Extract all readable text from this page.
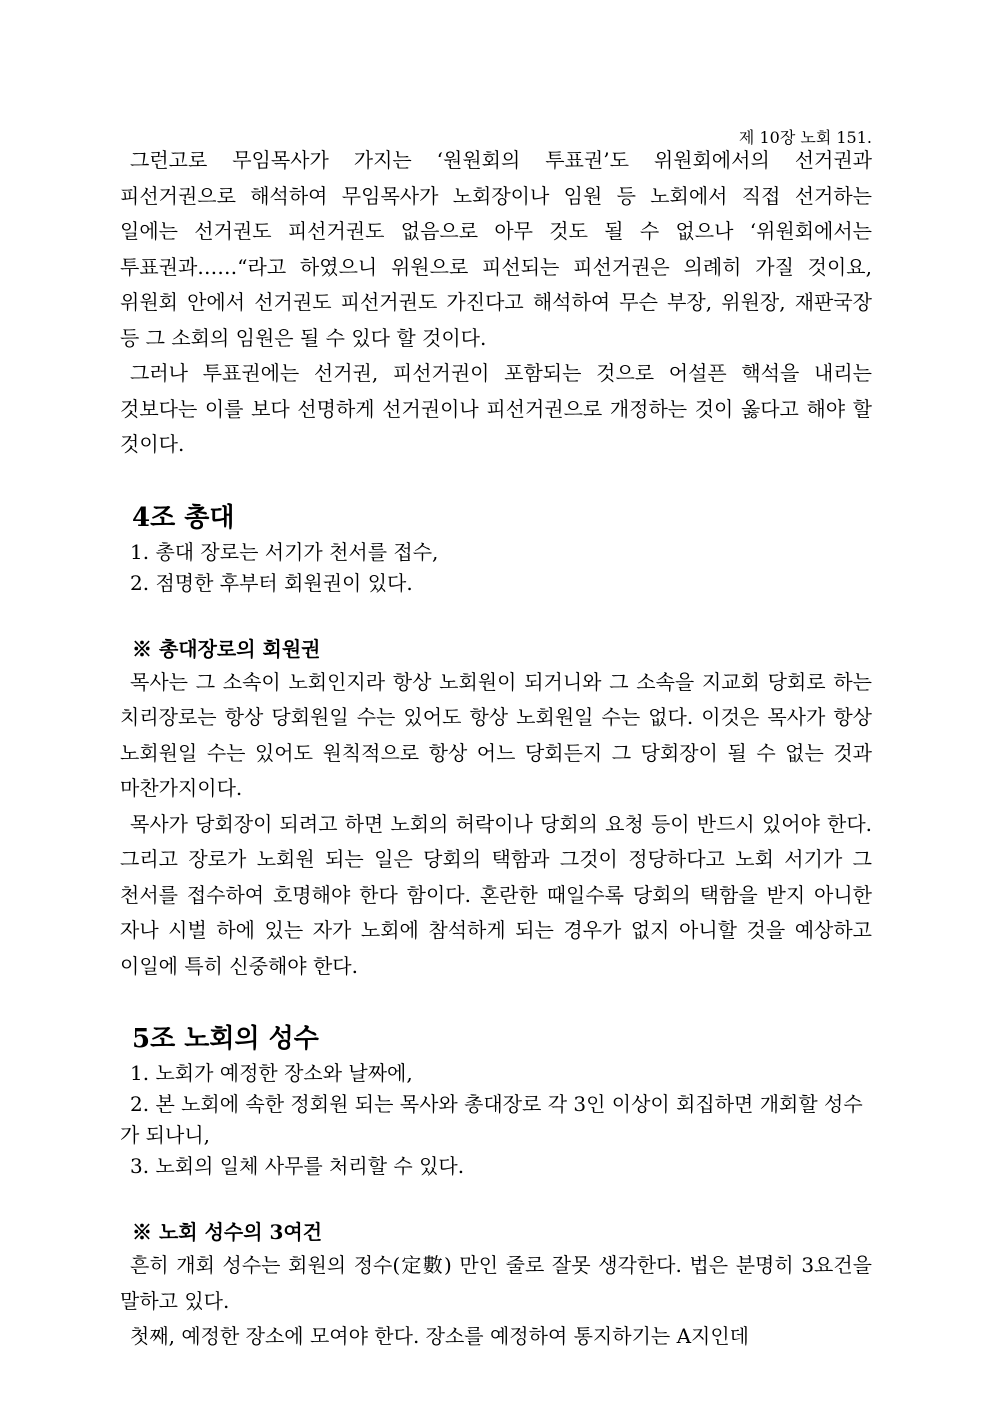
제 10장 노회 151.

그런고로 무임목사가 가지는 ‘원원회의 투표권’도 위원회에서의 선거권과 피선거권으로 해석하여 무임목사가 노회장이나 임원 등 노회에서 직접 선거하는 일에는 선거권도 피선거권도 없음으로 아무 것도 될 수 없으나 ‘위원회에서는 투표권과……“라고 하였으니 위원으로 피선되는 피선거권은 의례히 가질 것이요, 위원회 안에서 선거권도 피선거권도 가진다고 해석하여 무슨 부장, 위원장, 재판국장 등 그 소회의 임원은 될 수 있다 할 것이다.

그러나 투표권에는 선거권, 피선거권이 포함되는 것으로 어설픈 핵석을 내리는 것보다는 이를 보다 선명하게 선거권이나 피선거권으로 개정하는 것이 옳다고 해야 할 것이다.

4조 총대

1. 총대 장로는 서기가 천서를 접수,

2. 점명한 후부터 회원권이 있다.

※ 총대장로의 회원권

목사는 그 소속이 노회인지라 항상 노회원이 되거니와 그 소속을 지교회 당회로 하는 치리장로는 항상 당회원일 수는 있어도 항상 노회원일 수는 없다. 이것은 목사가 항상 노회원일 수는 있어도 원칙적으로 항상 어느 당회든지 그 당회장이 될 수 없는 것과 마찬가지이다.

목사가 당회장이 되려고 하면 노회의 허락이나 당회의 요청 등이 반드시 있어야 한다. 그리고 장로가 노회원 되는 일은 당회의 택함과 그것이 정당하다고 노회 서기가 그 천서를 접수하여 호명해야 한다 함이다. 혼란한 때일수록 당회의 택함을 받지 아니한 자나 시벌 하에 있는 자가 노회에 참석하게 되는 경우가 없지 아니할 것을 예상하고 이일에 특히 신중해야 한다.

5조 노회의 성수

1. 노회가 예정한 장소와 날짜에,

2. 본 노회에 속한 정회원 되는 목사와 총대장로 각 3인 이상이 회집하면 개회할 성수가 되나니,

3. 노회의 일체 사무를 처리할 수 있다.

※ 노회 성수의 3여건

흔히 개회 성수는 회원의 정수(定數) 만인 줄로 잘못 생각한다. 법은 분명히 3요건을 말하고 있다.

첫째, 예정한 장소에 모여야 한다. 장소를 예정하여 통지하기는 A지인데
